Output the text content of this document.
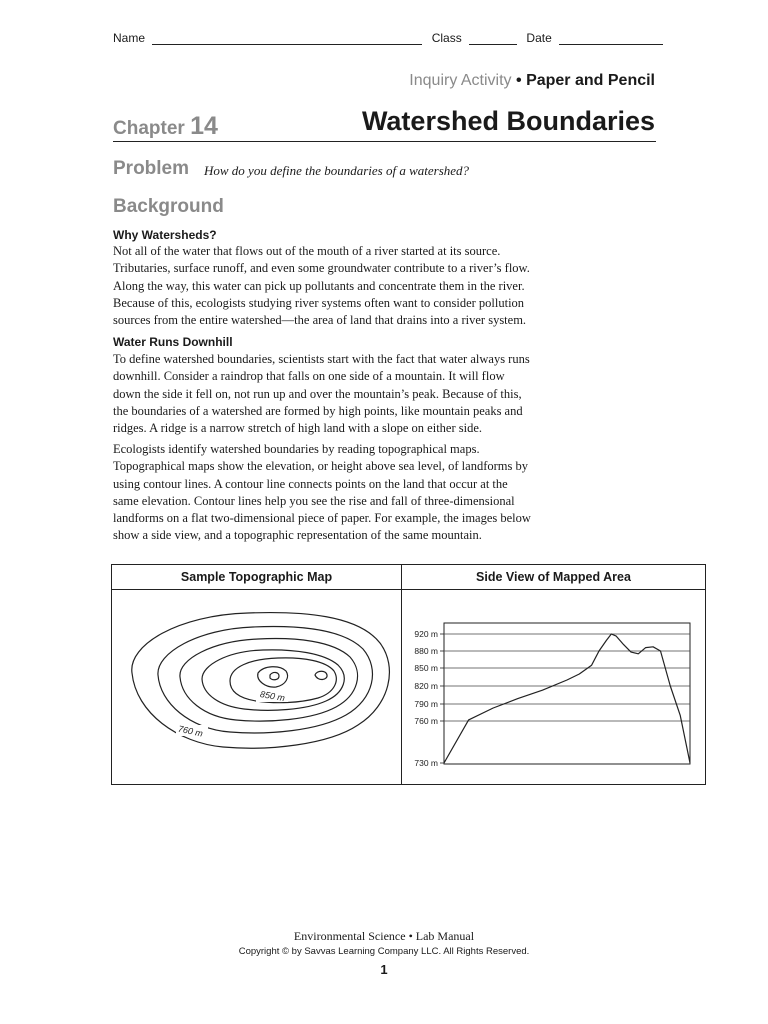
Name	Class	Date
Inquiry Activity • Paper and Pencil
Chapter 14	Watershed Boundaries
Problem How do you define the boundaries of a watershed?
Background
Why Watersheds?

Not all of the water that flows out of the mouth of a river started at its source.
Tributaries, surface runoff, and even some groundwater contribute to a river’s flow.
Along the way, this water can pick up pollutants and concentrate them in the river.
Because of this, ecologists studying river systems often want to consider pollution
sources from the entire watershed—the area of land that drains into a river system.

Water Runs Downhill

To define watershed boundaries, scientists start with the fact that water always runs
downhill. Consider a raindrop that falls on one side of a mountain. It will flow
down the side it fell on, not run up and over the mountain’s peak. Because of this,
the boundaries of a watershed are formed by high points, like mountain peaks and
ridges. A ridge is a narrow stretch of high land with a slope on either side.

Ecologists identify watershed boundaries by reading topographical maps.
Topographical maps show the elevation, or height above sea level, of landforms by
using contour lines. A contour line connects points on the land that occur at the
same elevation. Contour lines help you see the rise and fall of three-dimensional
landforms on a flat two-dimensional piece of paper. For example, the images below
show a side view, and a topographic representation of the same mountain.

Sample Topographic Map	Side View of Mapped Area
850 m
760 m
920 m
880 m
850 m
820 m
790 m
760 m
730 m
Environmental Science • Lab Manual
Copyright © by Savvas Learning Company LLC. All Rights Reserved.
1
